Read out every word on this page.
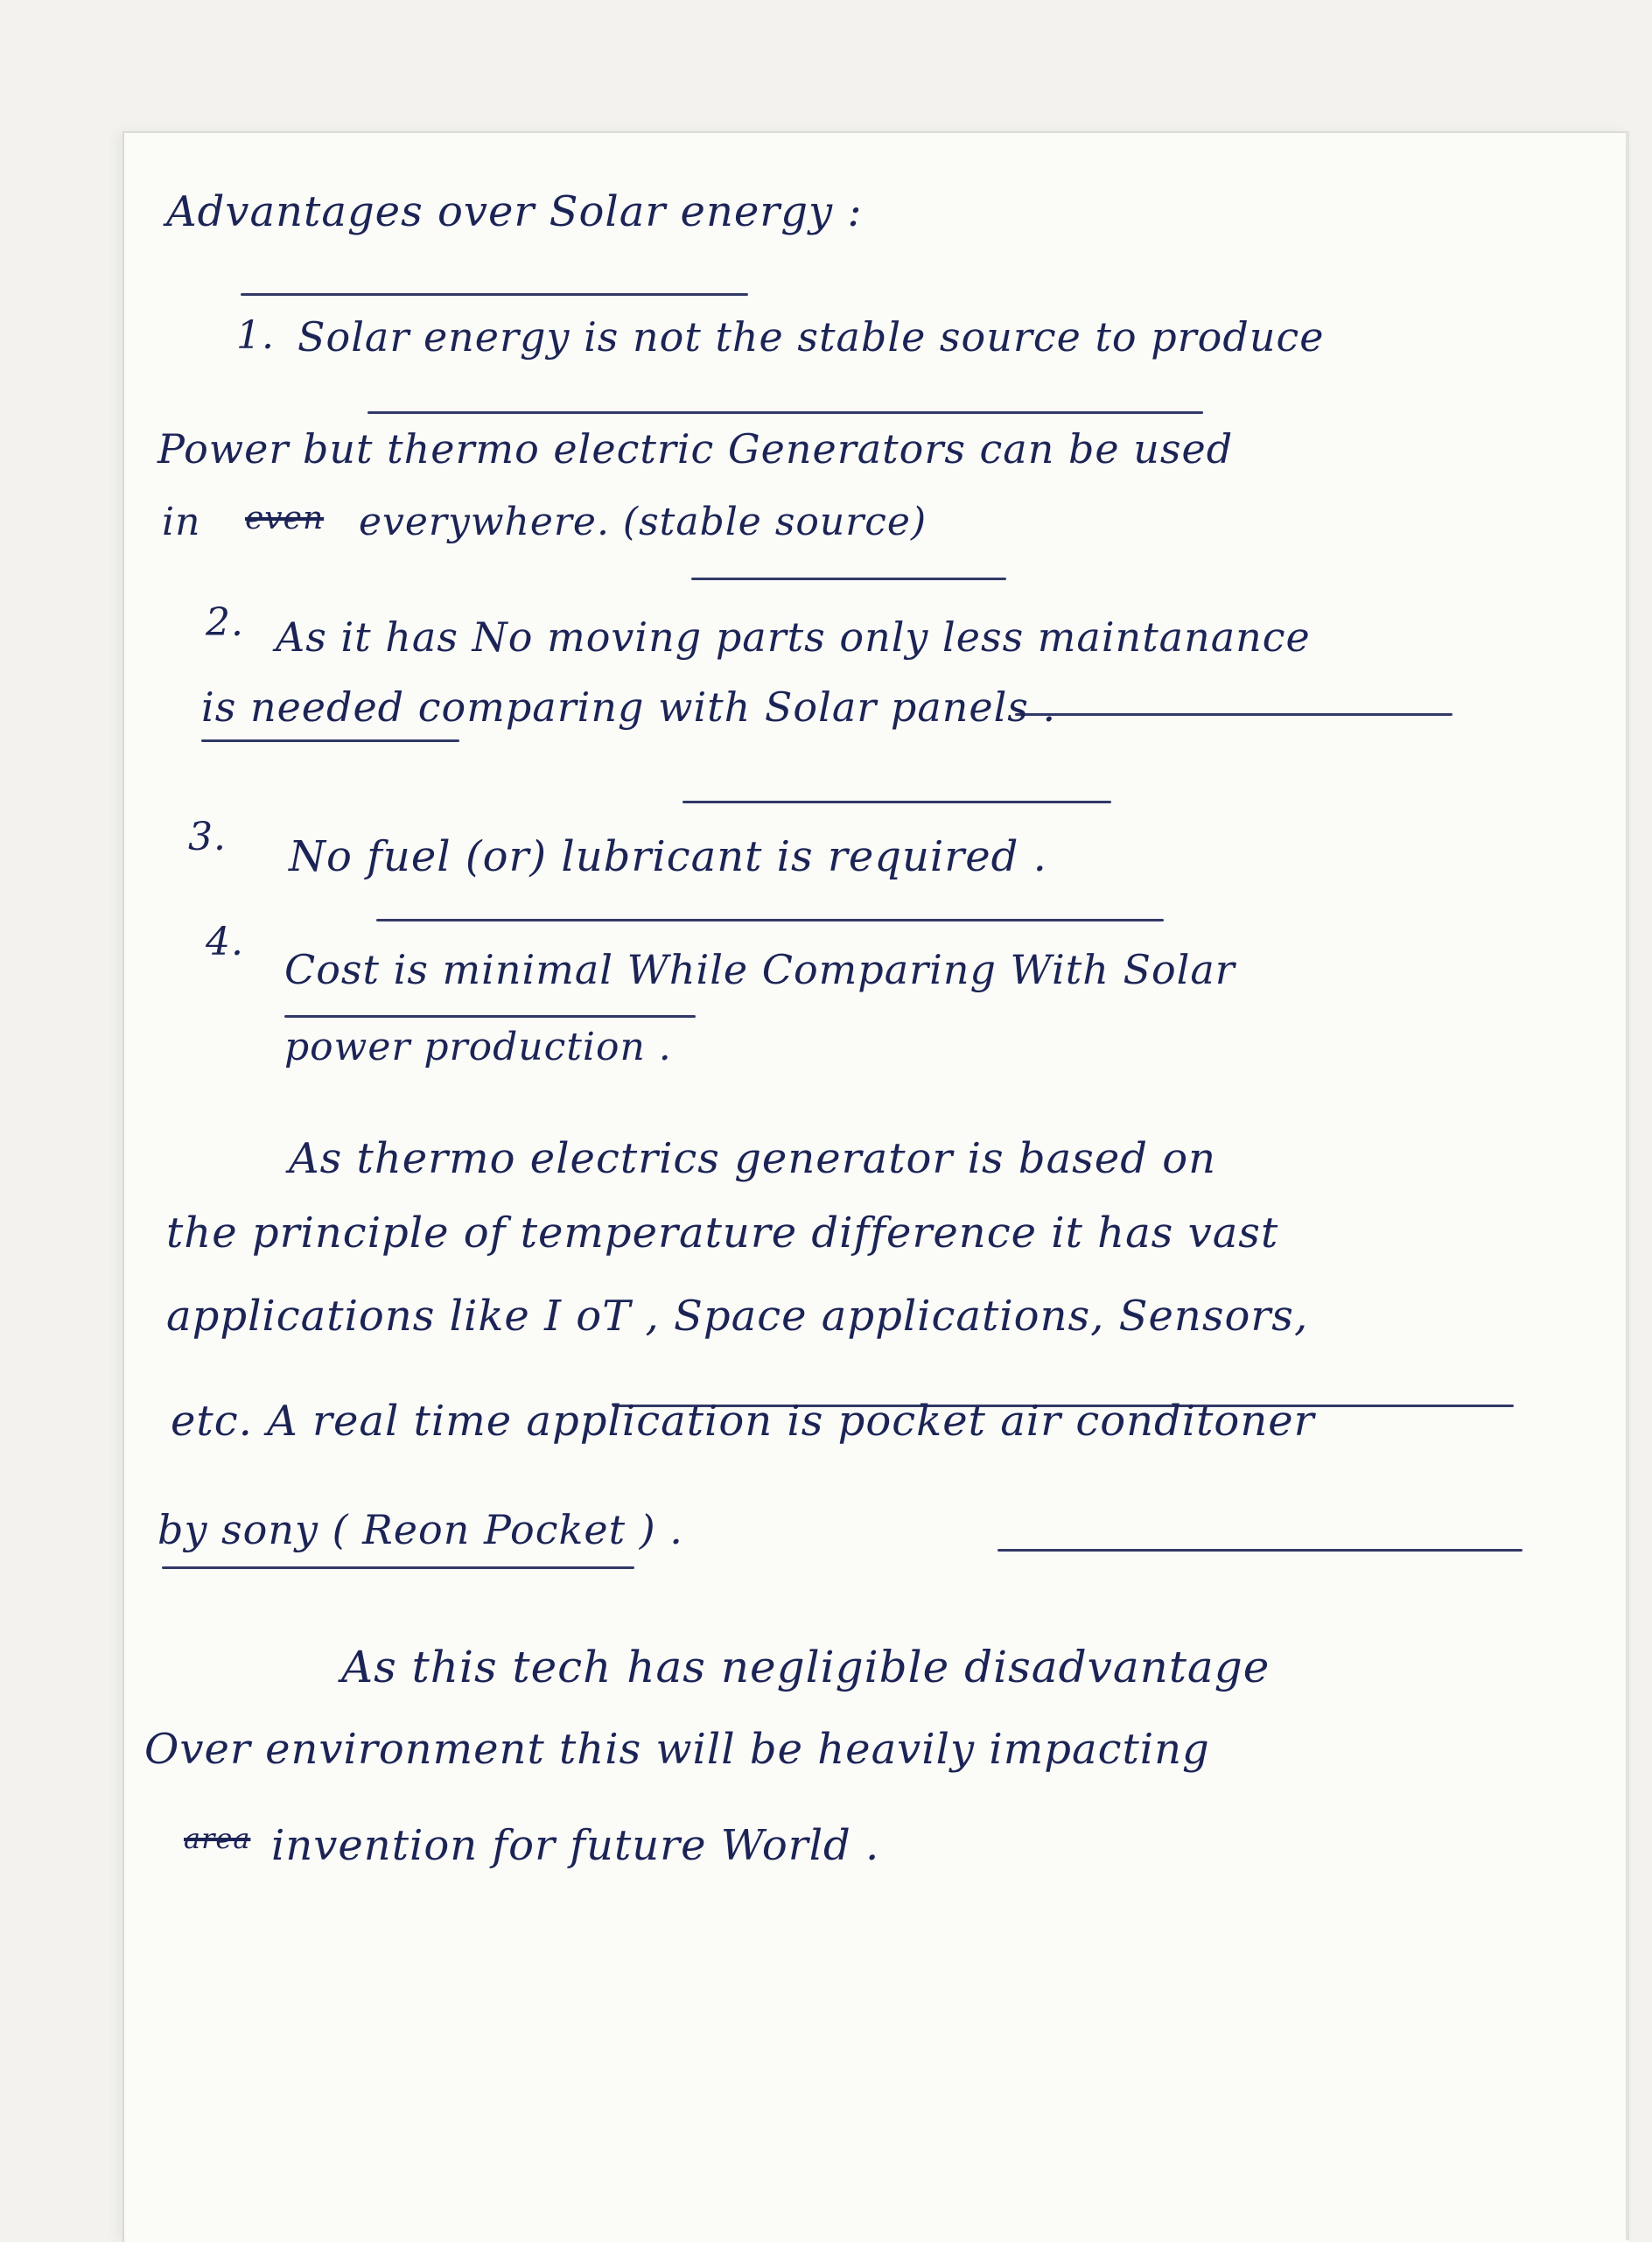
Advantages over Solar energy :
1. Solar energy is not the stable source to produce
Power but thermo electric Generators can be used
in even everywhere. (stable source)
2. As it has No moving parts only less maintanance
is needed comparing with Solar panels .
3. No fuel (or) lubricant is required .
4.
Cost is minimal While Comparing With Solar
power production .
As thermo electrics generator is based on
the principle of temperature difference it has vast
applications like I oT , Space applications, Sensors,
etc. A real time application is pocket air conditoner
by sony ( Reon Pocket ) .
As this tech has negligible disadvantage
Over environment this will be heavily impacting
area invention for future World .
